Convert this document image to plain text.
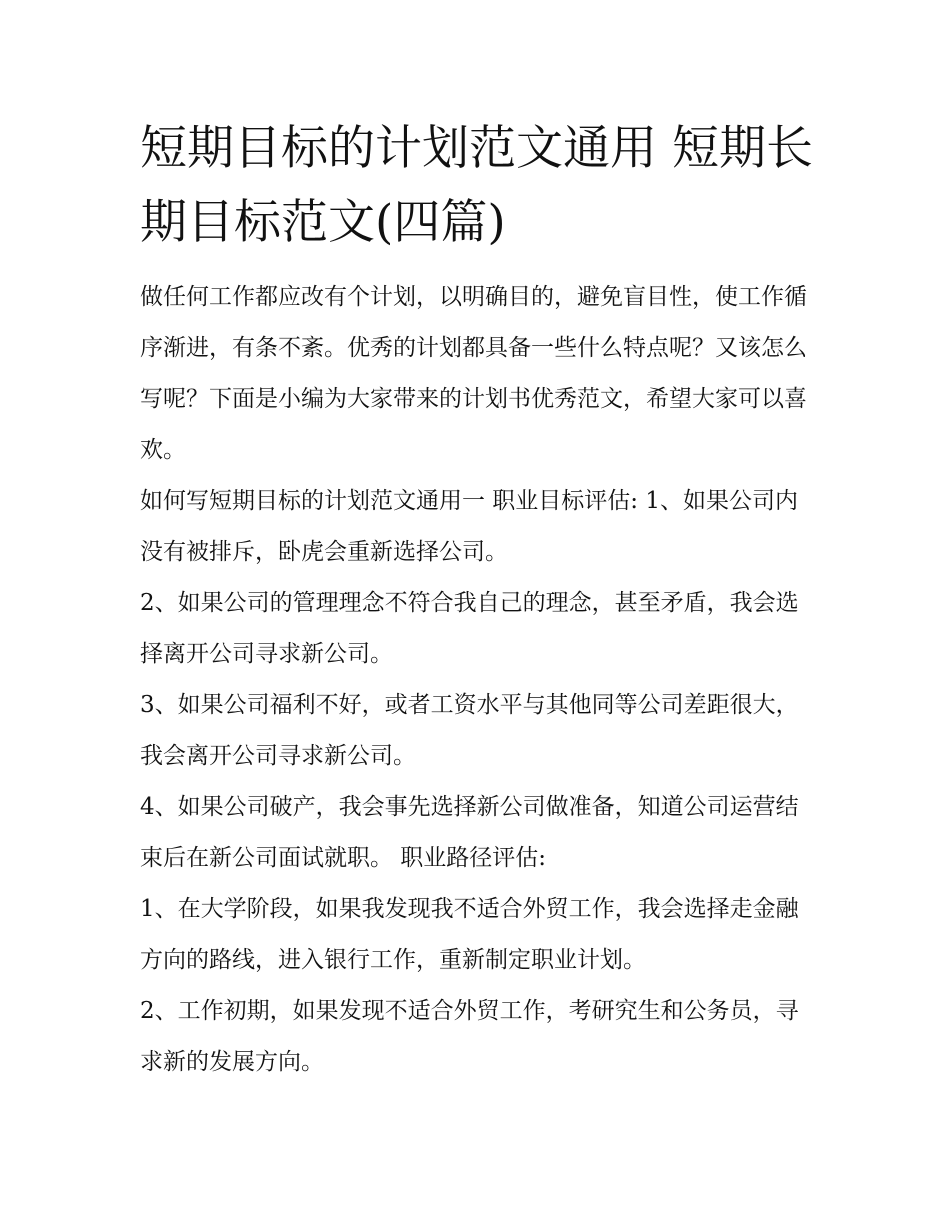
短期目标的计划范文通用 短期长期目标范文(四篇)

做任何工作都应改有个计划，以明确目的，避免盲目性，使工作循序渐进，有条不紊。优秀的计划都具备一些什么特点呢？又该怎么写呢？下面是小编为大家带来的计划书优秀范文，希望大家可以喜欢。

如何写短期目标的计划范文通用一 职业目标评估: 1、如果公司内没有被排斥，卧虎会重新选择公司。

2、如果公司的管理理念不符合我自己的理念，甚至矛盾，我会选择离开公司寻求新公司。

3、如果公司福利不好，或者工资水平与其他同等公司差距很大，我会离开公司寻求新公司。

4、如果公司破产，我会事先选择新公司做准备，知道公司运营结束后在新公司面试就职。 职业路径评估:

1、在大学阶段，如果我发现我不适合外贸工作，我会选择走金融方向的路线，进入银行工作，重新制定职业计划。

2、工作初期，如果发现不适合外贸工作，考研究生和公务员，寻求新的发展方向。
